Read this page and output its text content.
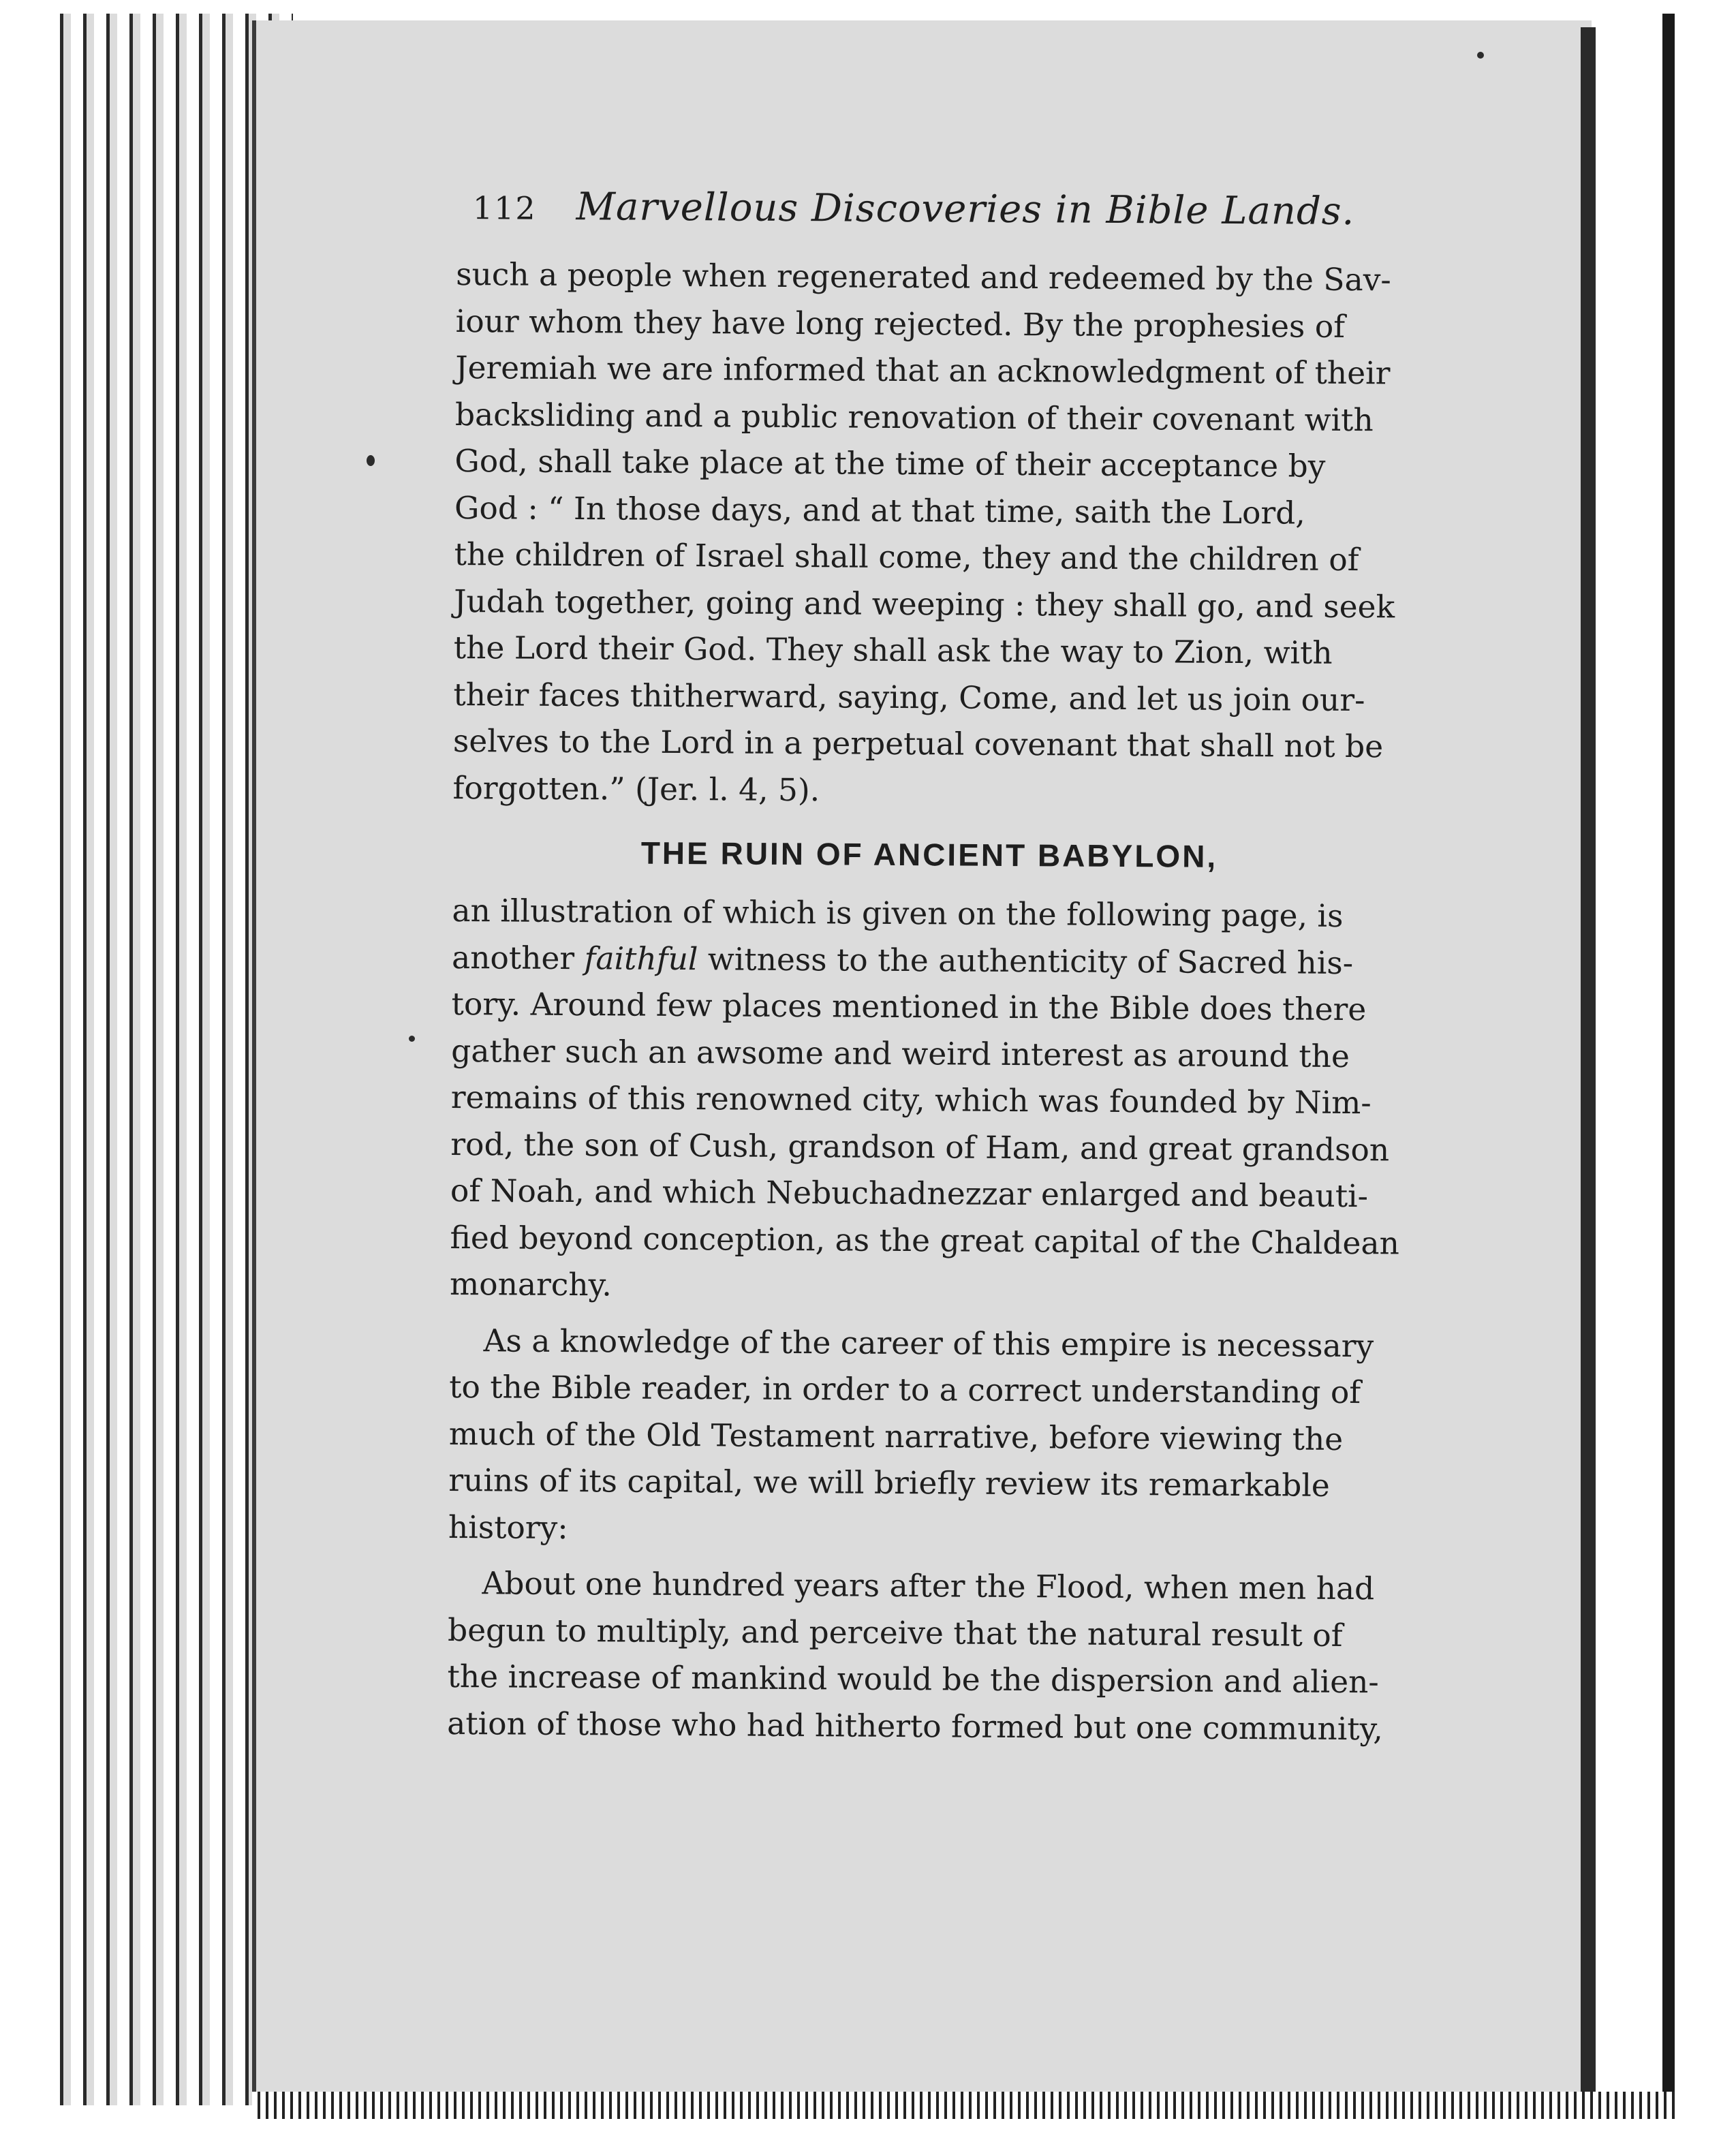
112 Marvellous Discoveries in Bible Lands.

such a people when regenerated and redeemed by the Sav-
iour whom they have long rejected. By the prophesies of
Jeremiah we are informed that an acknowledgment of their
backsliding and a public renovation of their covenant with
God, shall take place at the time of their acceptance by
God : “ In those days, and at that time, saith the Lord,
the children of Israel shall come, they and the children of
Judah together, going and weeping : they shall go, and seek
the Lord their God. They shall ask the way to Zion, with
their faces thitherward, saying, Come, and let us join our-
selves to the Lord in a perpetual covenant that shall not be
forgotten.” (Jer. l. 4, 5).

THE RUIN OF ANCIENT BABYLON,

an illustration of which is given on the following page, is
another faithful witness to the authenticity of Sacred his-
tory. Around few places mentioned in the Bible does there
gather such an awsome and weird interest as around the
remains of this renowned city, which was founded by Nim-
rod, the son of Cush, grandson of Ham, and great grandson
of Noah, and which Nebuchadnezzar enlarged and beauti-
fied beyond conception, as the great capital of the Chaldean
monarchy.

As a knowledge of the career of this empire is necessary
to the Bible reader, in order to a correct understanding of
much of the Old Testament narrative, before viewing the
ruins of its capital, we will briefly review its remarkable
history:

About one hundred years after the Flood, when men had
begun to multiply, and perceive that the natural result of
the increase of mankind would be the dispersion and alien-
ation of those who had hitherto formed but one community,
